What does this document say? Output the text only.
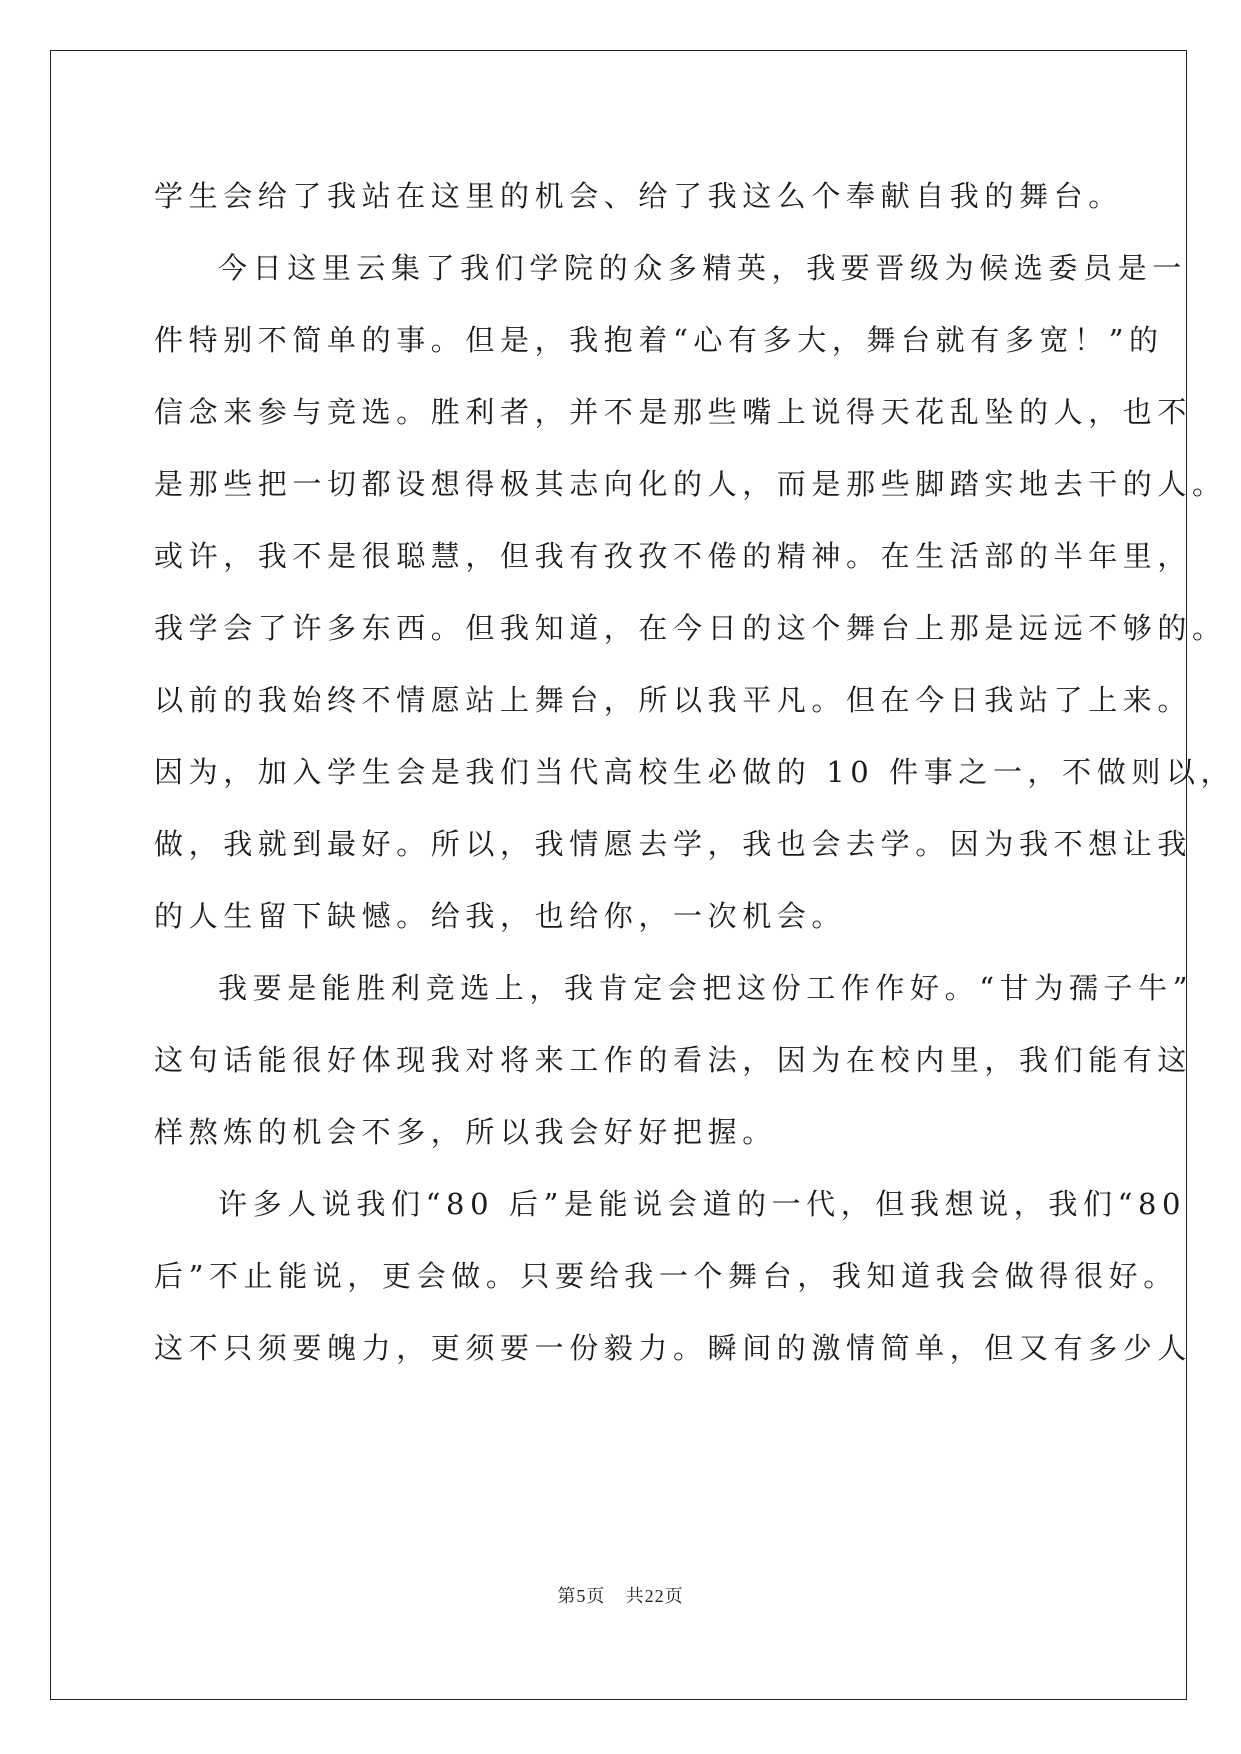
学生会给了我站在这里的机会、给了我这么个奉献自我的舞台。

今日这里云集了我们学院的众多精英，我要晋级为候选委员是一

件特别不简单的事。但是，我抱着“心有多大，舞台就有多宽！”的

信念来参与竞选。胜利者，并不是那些嘴上说得天花乱坠的人，也不

是那些把一切都设想得极其志向化的人，而是那些脚踏实地去干的人。

或许，我不是很聪慧，但我有孜孜不倦的精神。在生活部的半年里，

我学会了许多东西。但我知道，在今日的这个舞台上那是远远不够的。

以前的我始终不情愿站上舞台，所以我平凡。但在今日我站了上来。

因为，加入学生会是我们当代高校生必做的 10 件事之一，不做则以，

做，我就到最好。所以，我情愿去学，我也会去学。因为我不想让我

的人生留下缺憾。给我，也给你，一次机会。

我要是能胜利竞选上，我肯定会把这份工作作好。“甘为孺子牛”

这句话能很好体现我对将来工作的看法，因为在校内里，我们能有这

样熬炼的机会不多，所以我会好好把握。

许多人说我们“80 后”是能说会道的一代，但我想说，我们“80

后”不止能说，更会做。只要给我一个舞台，我知道我会做得很好。

这不只须要魄力，更须要一份毅力。瞬间的激情简单，但又有多少人

第5页 共22页
